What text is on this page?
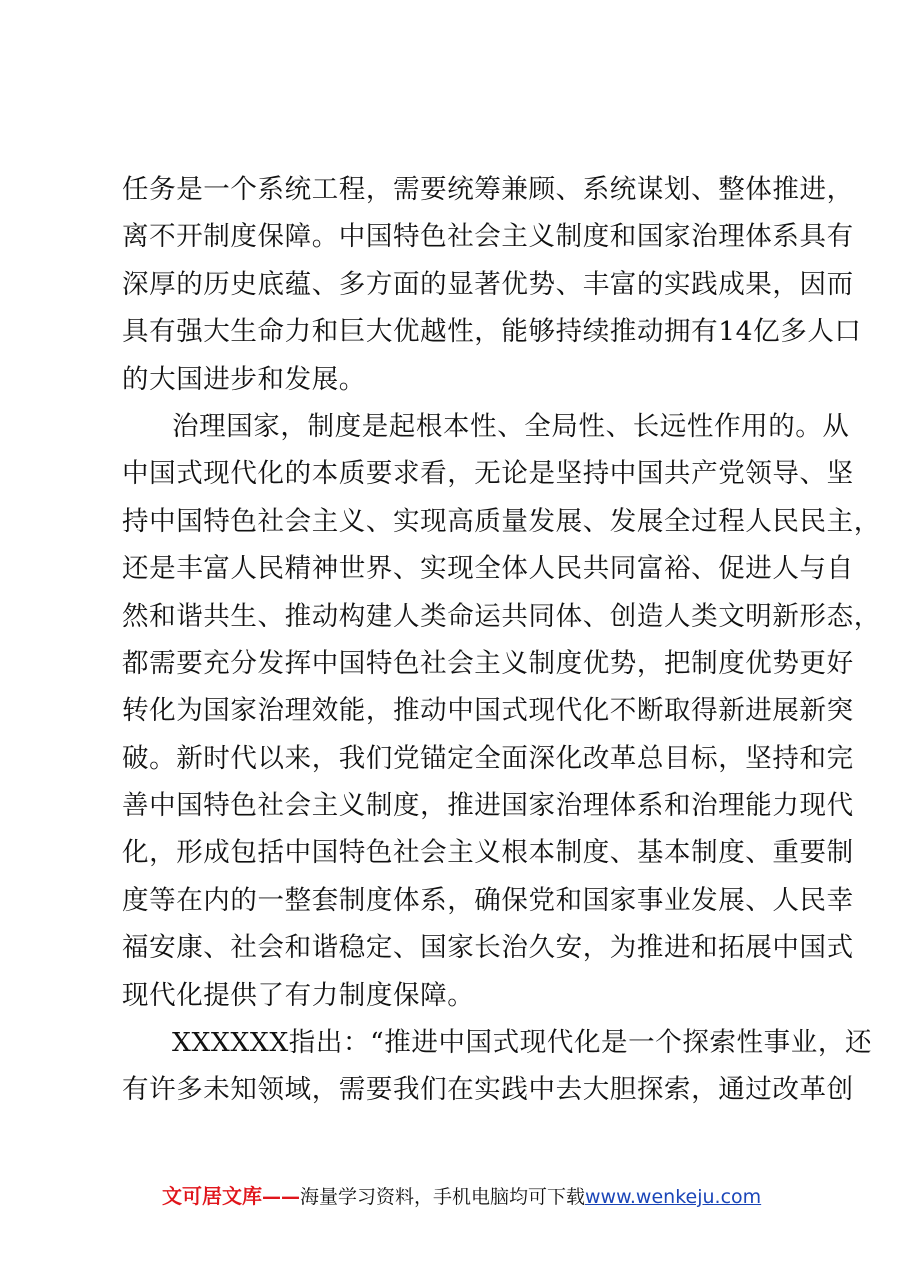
任务是一个系统工程，需要统筹兼顾、系统谋划、整体推进，
离不开制度保障。中国特色社会主义制度和国家治理体系具有
深厚的历史底蕴、多方面的显著优势、丰富的实践成果，因而
具有强大生命力和巨大优越性，能够持续推动拥有14亿多人口
的大国进步和发展。
治理国家，制度是起根本性、全局性、长远性作用的。从
中国式现代化的本质要求看，无论是坚持中国共产党领导、坚
持中国特色社会主义、实现高质量发展、发展全过程人民民主，
还是丰富人民精神世界、实现全体人民共同富裕、促进人与自
然和谐共生、推动构建人类命运共同体、创造人类文明新形态，
都需要充分发挥中国特色社会主义制度优势，把制度优势更好
转化为国家治理效能，推动中国式现代化不断取得新进展新突
破。新时代以来，我们党锚定全面深化改革总目标，坚持和完
善中国特色社会主义制度，推进国家治理体系和治理能力现代
化，形成包括中国特色社会主义根本制度、基本制度、重要制
度等在内的一整套制度体系，确保党和国家事业发展、人民幸
福安康、社会和谐稳定、国家长治久安，为推进和拓展中国式
现代化提供了有力制度保障。
XXXXXX指出：“推进中国式现代化是一个探索性事业，还
有许多未知领域，需要我们在实践中去大胆探索，通过改革创
文可居文库——海量学习资料，手机电脑均可下载www.wenkeju.com
